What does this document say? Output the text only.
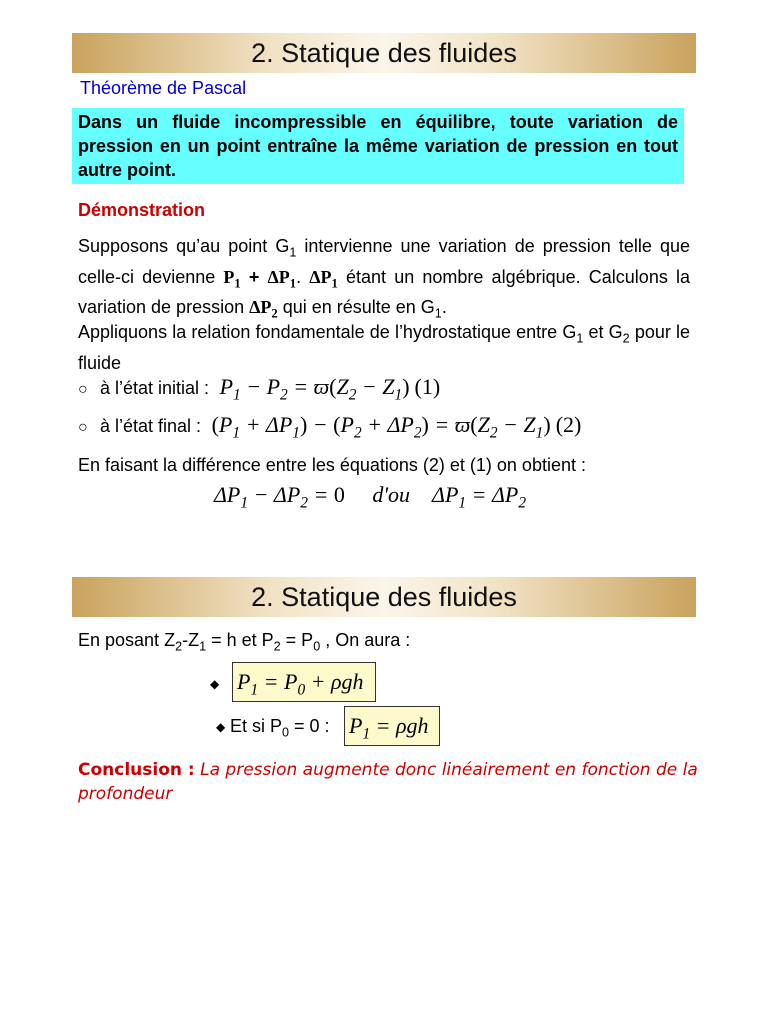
2. Statique des fluides
Théorème de Pascal
Dans un fluide incompressible en équilibre, toute variation de pression en un point entraîne la même variation de pression en tout autre point.
Démonstration
Supposons qu’au point $G_1$ intervienne une variation de pression telle que celle-ci devienne $P_1 + \Delta P_1$. $\Delta P_1$ étant un nombre algébrique. Calculons la variation de pression $\Delta P_2$ qui en résulte en $G_1$.
Appliquons la relation fondamentale de l’hydrostatique entre $G_1$ et $G_2$ pour le fluide
○ à l’état initial :  $P_1 - P_2 = ϖ(Z_2 - Z_1)$ (1)
○ à l’état final : $(P_1 + \Delta P_1) - (P_2 + \Delta P_2) = ϖ(Z_2 - Z_1)$ (2)
En faisant la différence entre les équations (2) et (1) on obtient :
$\Delta P_1 - \Delta P_2 = 0$ d'ou    $\Delta P_1 = \Delta P_2$
2. Statique des fluides
En posant $Z_2-Z_1 = h$ et $P_2 = P_0$ , On aura :
◆ $P_1 = P_0 + \rho gh$
◆ Et si $P_0 = 0$ : $P_1 = \rho gh$
Conclusion : La pression augmente donc linéairement en fonction de la profondeur
